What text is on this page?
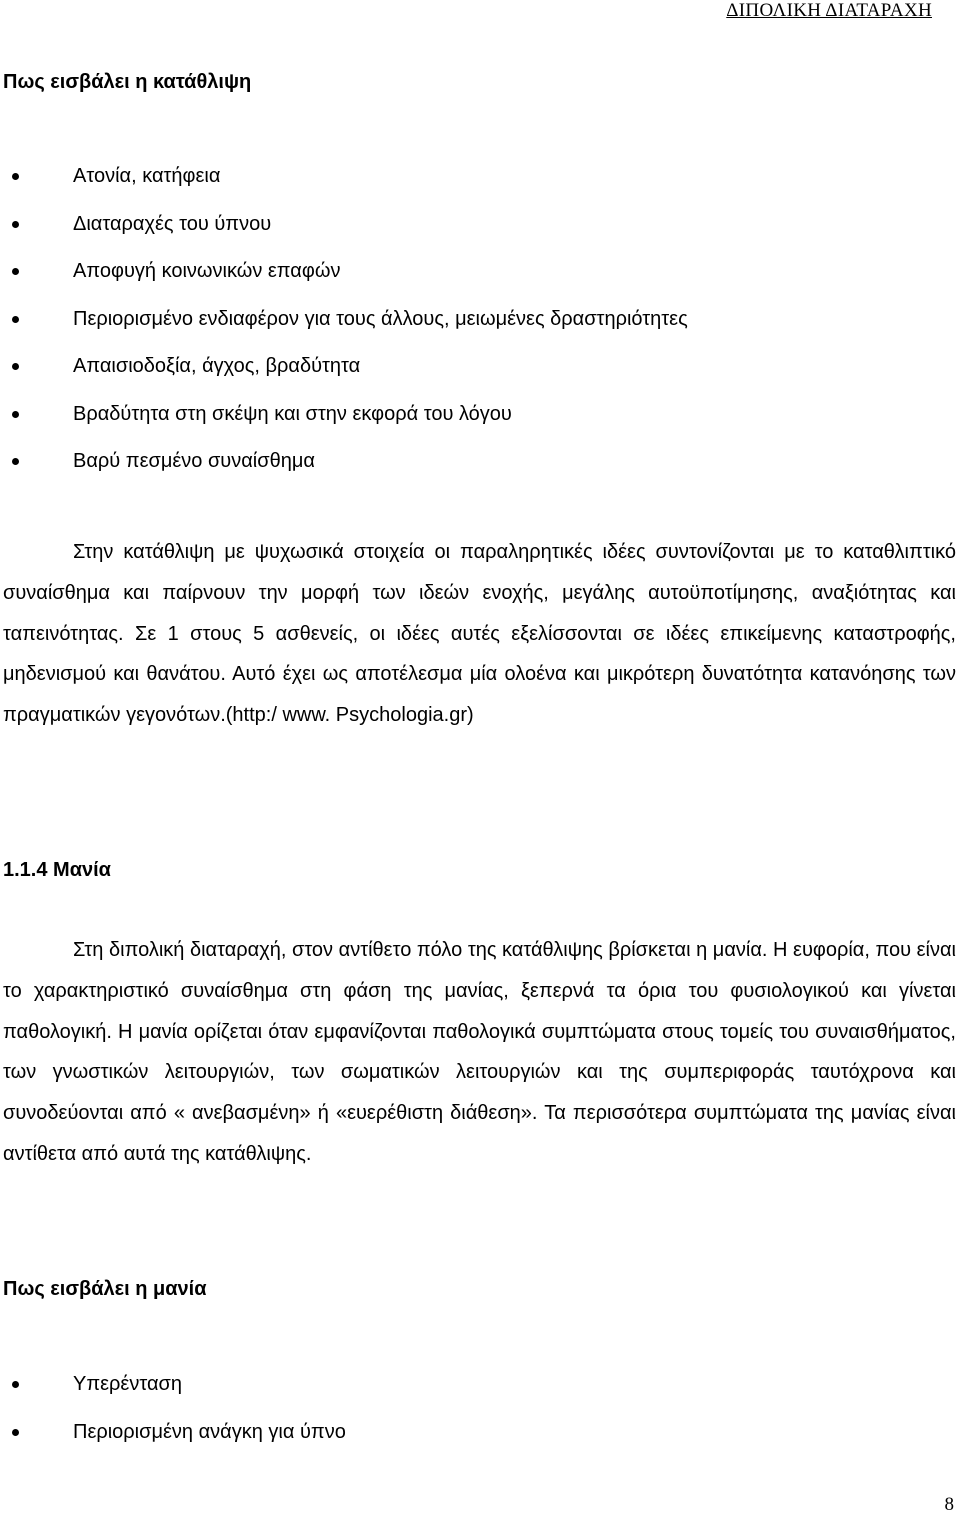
ΔΙΠΟΛΙΚΗ ΔΙΑΤΑΡΑΧΗ
Πως εισβάλει η κατάθλιψη
Ατονία, κατήφεια
Διαταραχές του ύπνου
Αποφυγή κοινωνικών επαφών
Περιορισμένο ενδιαφέρον για τους άλλους, μειωμένες δραστηριότητες
Απαισιοδοξία, άγχος, βραδύτητα
Βραδύτητα στη σκέψη και στην εκφορά του λόγου
Βαρύ πεσμένο συναίσθημα

Στην κατάθλιψη με ψυχωσικά στοιχεία οι παραληρητικές ιδέες συντονίζονται με το καταθλιπτικό συναίσθημα και παίρνουν την μορφή των ιδεών ενοχής, μεγάλης αυτοϋποτίμησης, αναξιότητας και ταπεινότητας. Σε 1 στους 5 ασθενείς, οι ιδέες αυτές εξελίσσονται σε ιδέες επικείμενης καταστροφής, μηδενισμού και θανάτου. Αυτό έχει ως αποτέλεσμα μία ολοένα και μικρότερη δυνατότητα κατανόησης των πραγματικών γεγονότων.(http:/ www. Psychologia.gr)

1.1.4 Μανία

Στη διπολική διαταραχή, στον αντίθετο πόλο της κατάθλιψης βρίσκεται η μανία. Η ευφορία, που είναι το χαρακτηριστικό συναίσθημα στη φάση της μανίας, ξεπερνά τα όρια του φυσιολογικού και γίνεται παθολογική. Η μανία ορίζεται όταν εμφανίζονται παθολογικά συμπτώματα στους τομείς του συναισθήματος, των γνωστικών λειτουργιών, των σωματικών λειτουργιών και της συμπεριφοράς ταυτόχρονα και συνοδεύονται από « ανεβασμένη» ή «ευερέθιστη διάθεση». Τα περισσότερα συμπτώματα της μανίας είναι αντίθετα από αυτά της κατάθλιψης.

Πως εισβάλει η μανία
Υπερένταση
Περιορισμένη ανάγκη για ύπνο
8
